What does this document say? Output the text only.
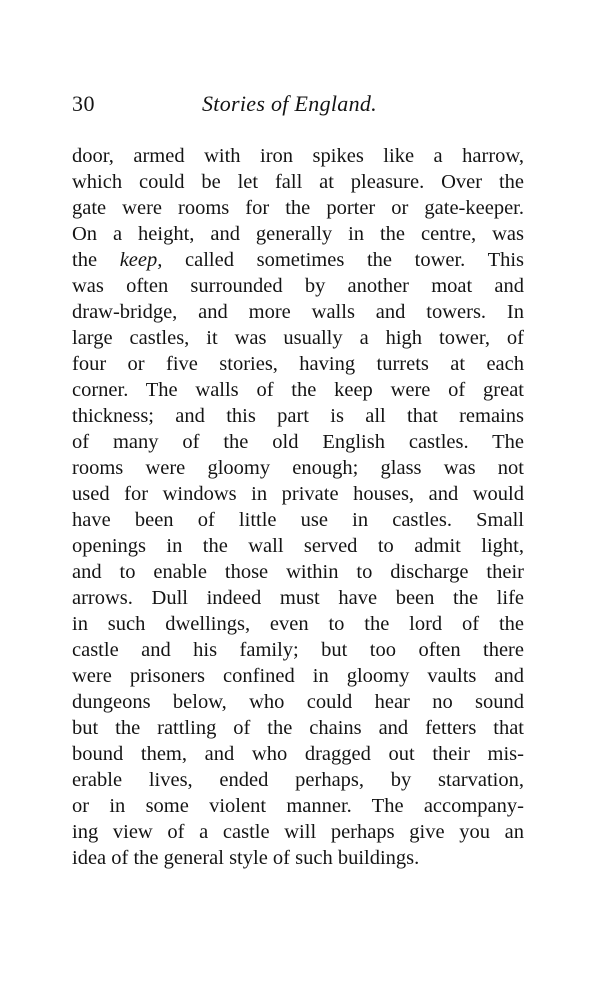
30	Stories of England.
door, armed with iron spikes like a harrow,
which could be let fall at pleasure. Over the
gate were rooms for the porter or gate-keeper.
On a height, and generally in the centre, was
the keep, called sometimes the tower. This
was often surrounded by another moat and
draw-bridge, and more walls and towers. In
large castles, it was usually a high tower, of
four or five stories, having turrets at each
corner. The walls of the keep were of great
thickness; and this part is all that remains
of many of the old English castles. The
rooms were gloomy enough; glass was not
used for windows in private houses, and would
have been of little use in castles. Small
openings in the wall served to admit light,
and to enable those within to discharge their
arrows. Dull indeed must have been the life
in such dwellings, even to the lord of the
castle and his family; but too often there
were prisoners confined in gloomy vaults and
dungeons below, who could hear no sound
but the rattling of the chains and fetters that
bound them, and who dragged out their mis-
erable lives, ended perhaps, by starvation,
or in some violent manner. The accompany-
ing view of a castle will perhaps give you an
idea of the general style of such buildings.
